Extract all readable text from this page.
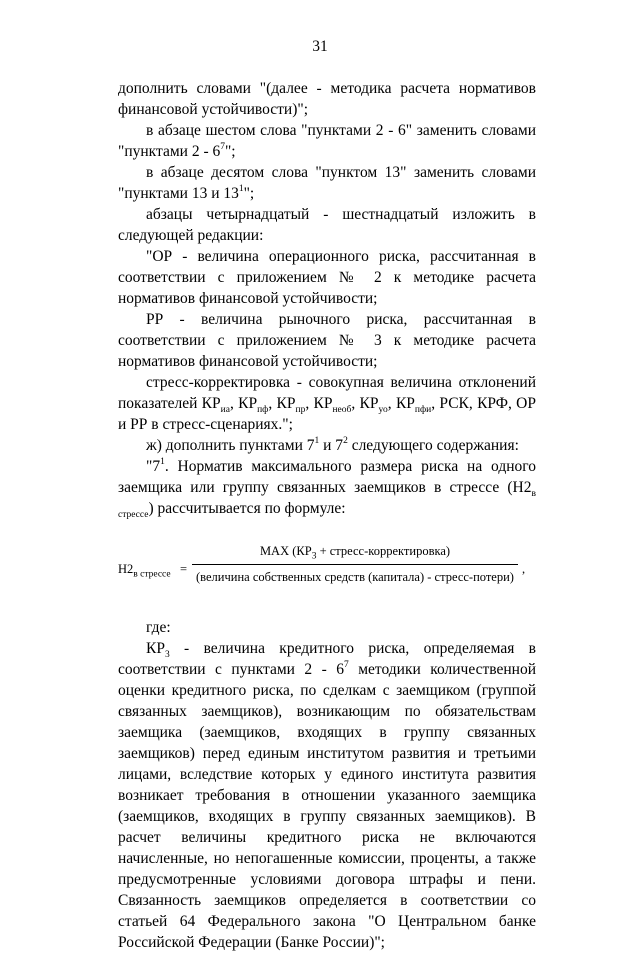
31

дополнить словами "(далее - методика расчета нормативов финансовой устойчивости)";

в абзаце шестом слова "пунктами 2 - 6" заменить словами "пунктами $2 - 6^7$";

в абзаце десятом слова "пунктом 13" заменить словами "пунктами 13 и $13^1$";

абзацы четырнадцатый - шестнадцатый изложить в следующей редакции:

"ОР - величина операционного риска, рассчитанная в соответствии с приложением № 2 к методике расчета нормативов финансовой устойчивости;

РР - величина рыночного риска, рассчитанная в соответствии с приложением № 3 к методике расчета нормативов финансовой устойчивости;

стресс-корректировка - совокупная величина отклонений показателей $КР_{иа}$, $КР_{пф}$, $КР_{пр}$, $КР_{необ}$, $КР_{уо}$, $КР_{пфи}$, РСК, КРФ, ОР и РР в стресс-сценариях.";

ж) дополнить пунктами $7^1$ и $7^2$ следующего содержания:

"$7^1$. Норматив максимального размера риска на одного заемщика или группу связанных заемщиков в стрессе $(Н2_{в стрессе})$ рассчитывается по формуле:

$Н2_{в стрессе}$ =
MAX ($КР_3$ + стресс-корректировка)
(величина собственных средств (капитала) - стресс-потери)
,

где:

$КР_3$ - величина кредитного риска, определяемая в соответствии с пунктами $2 - 6^7$ методики количественной оценки кредитного риска, по сделкам с заемщиком (группой связанных заемщиков), возникающим по обязательствам заемщика (заемщиков, входящих в группу связанных заемщиков) перед единым институтом развития и третьими лицами, вследствие которых у единого института развития возникает требования в отношении указанного заемщика (заемщиков, входящих в группу связанных заемщиков). В расчет величины кредитного риска не включаются начисленные, но непогашенные комиссии, проценты, а также предусмотренные условиями договора штрафы и пени. Связанность заемщиков определяется в соответствии со статьей 64 Федерального закона "О Центральном банке Российской Федерации (Банке России)";
